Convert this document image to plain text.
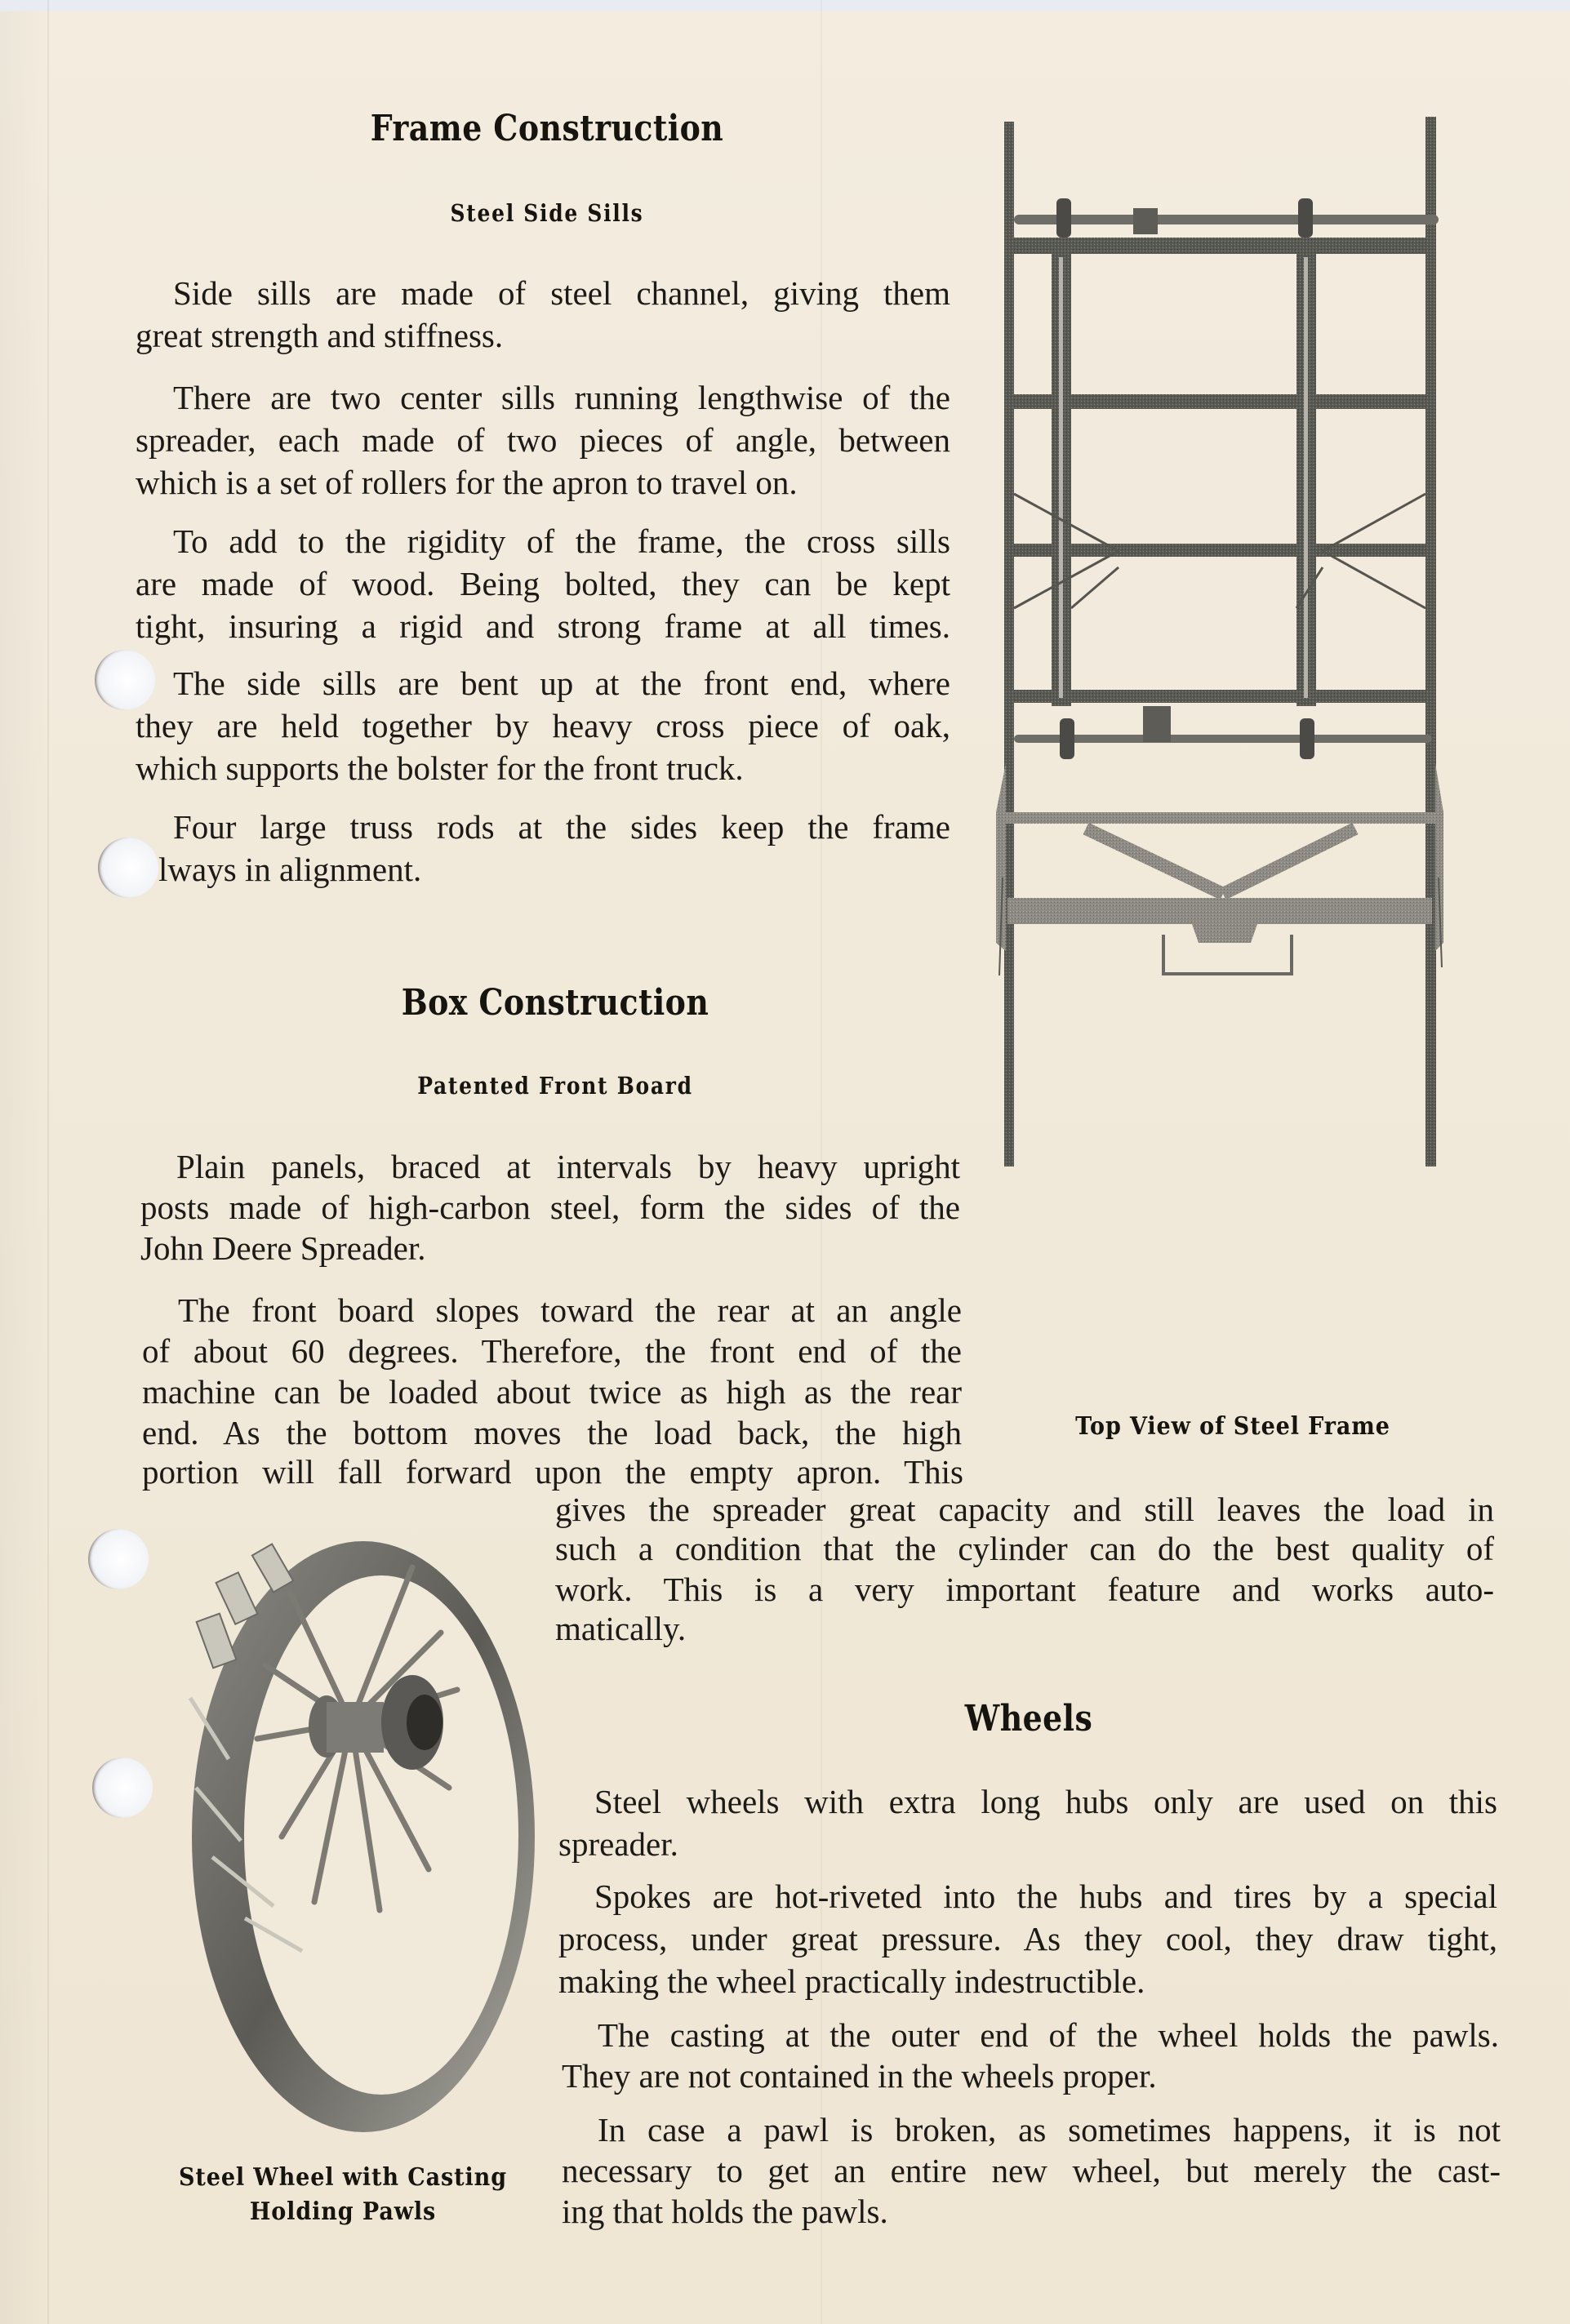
Frame Construction
Steel Side Sills
Side sills are made of steel channel, giving them
great strength and stiffness.
There are two center sills running lengthwise of the
spreader, each made of two pieces of angle, between
which is a set of rollers for the apron to travel on.
To add to the rigidity of the frame, the cross sills
are made of wood. Being bolted, they can be kept
tight, insuring a rigid and strong frame at all times.
The side sills are bent up at the front end, where
they are held together by heavy cross piece of oak,
which supports the bolster for the front truck.
Four large truss rods at the sides keep the frame
lways in alignment.
Box Construction
Patented Front Board
Plain panels, braced at intervals by heavy upright
posts made of high-carbon steel, form the sides of the
John Deere Spreader.
The front board slopes toward the rear at an angle
of about 60 degrees. Therefore, the front end of the
machine can be loaded about twice as high as the rear
end. As the bottom moves the load back, the high
portion will fall forward upon the empty apron. This
gives the spreader great capacity and still leaves the load in
such a condition that the cylinder can do the best quality of
work. This is a very important feature and works auto-
matically.
Wheels
Steel wheels with extra long hubs only are used on this
spreader.
Spokes are hot-riveted into the hubs and tires by a special
process, under great pressure. As they cool, they draw tight,
making the wheel practically indestructible.
The casting at the outer end of the wheel holds the pawls.
They are not contained in the wheels proper.
In case a pawl is broken, as sometimes happens, it is not
necessary to get an entire new wheel, but merely the cast-
ing that holds the pawls.
Top View of Steel Frame
Steel Wheel with Casting
Holding Pawls
